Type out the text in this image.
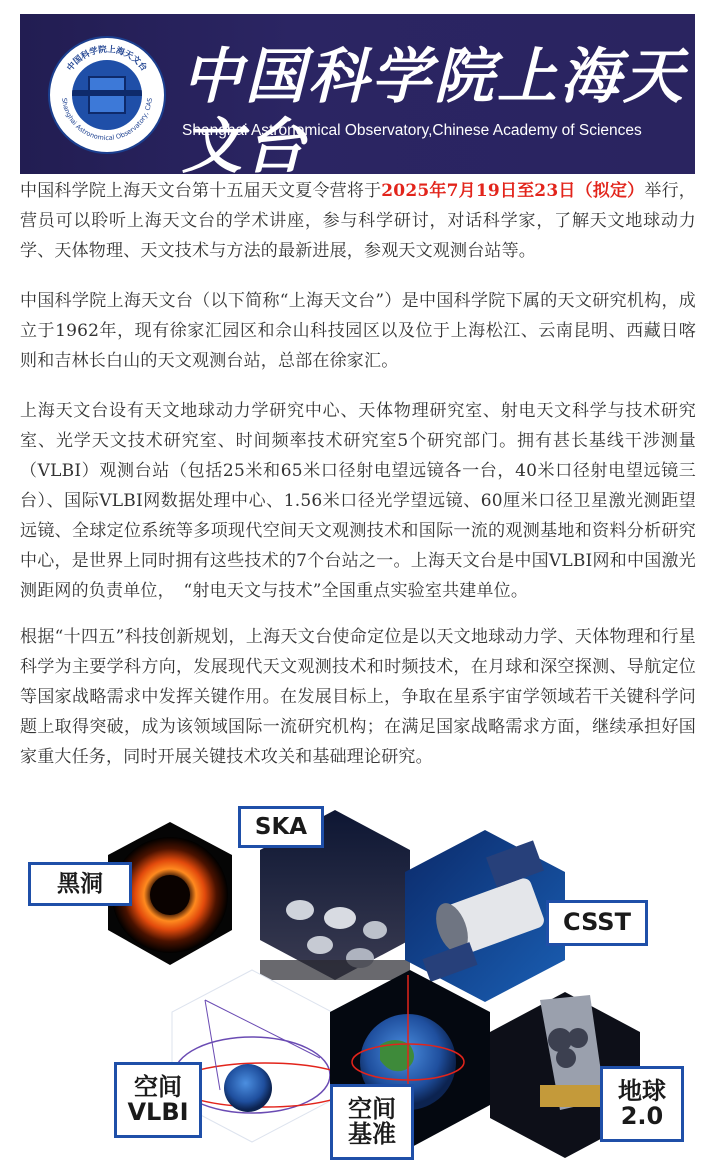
中国科学院上海天文台
Shanghai Astronomical Observatory, CAS 中国科学院上海天文台
Shanghai Astronomical Observatory,Chinese Academy of Sciences

中国科学院上海天文台第十五届天文夏令营将于2025年7月19日至23日（拟定）举行，营员可以聆听上海天文台的学术讲座，参与科学研讨，对话科学家，了解天文地球动力学、天体物理、天文技术与方法的最新进展，参观天文观测台站等。

中国科学院上海天文台（以下简称“上海天文台”）是中国科学院下属的天文研究机构，成立于1962年，现有徐家汇园区和佘山科技园区以及位于上海松江、云南昆明、西藏日喀则和吉林长白山的天文观测台站，总部在徐家汇。

上海天文台设有天文地球动力学研究中心、天体物理研究室、射电天文科学与技术研究室、光学天文技术研究室、时间频率技术研究室5个研究部门。拥有甚长基线干涉测量（VLBI）观测台站（包括25米和65米口径射电望远镜各一台，40米口径射电望远镜三台）、国际VLBI网数据处理中心、1.56米口径光学望远镜、60厘米口径卫星激光测距望远镜、全球定位系统等多项现代空间天文观测技术和国际一流的观测基地和资料分析研究中心，是世界上同时拥有这些技术的7个台站之一。上海天文台是中国VLBI网和中国激光测距网的负责单位，　“射电天文与技术”全国重点实验室共建单位。

根据“十四五”科技创新规划，上海天文台使命定位是以天文地球动力学、天体物理和行星科学为主要学科方向，发展现代天文观测技术和时频技术，在月球和深空探测、导航定位等国家战略需求中发挥关键作用。在发展目标上，争取在星系宇宙学领域若干关键科学问题上取得突破，成为该领域国际一流研究机构；在满足国家战略需求方面，继续承担好国家重大任务，同时开展关键技术攻关和基础理论研究。

黑洞
SKA
CSST
空间
VLBI	空间
基准
地球
2.0
